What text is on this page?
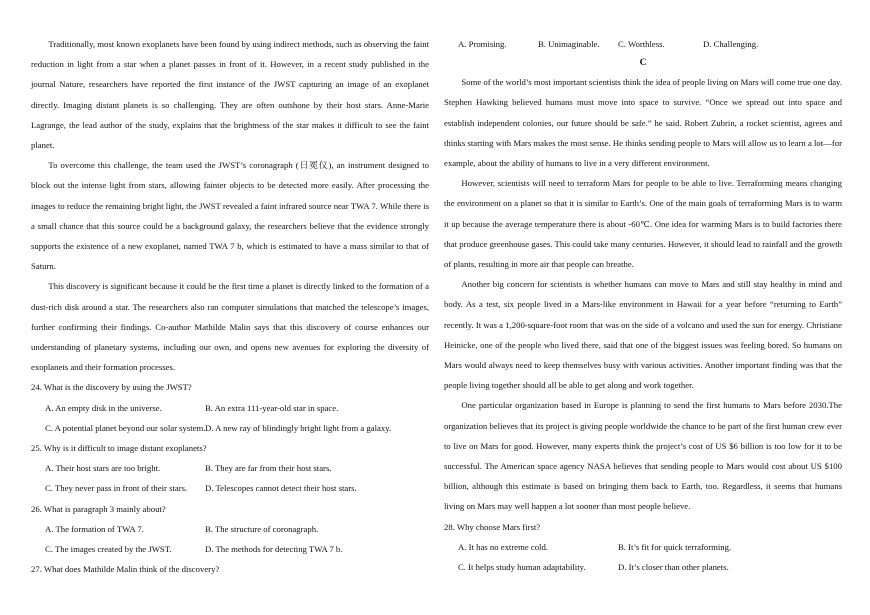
Traditionally, most known exoplanets have been found by using indirect methods, such as observing the faint reduction in light from a star when a planet passes in front of it. However, in a recent study published in the journal Nature, researchers have reported the first instance of the JWST capturing an image of an exoplanet directly. Imaging distant planets is so challenging. They are often outshone by their host stars. Anne-Marie Lagrange, the lead author of the study, explains that the brightness of the star makes it difficult to see the faint planet.

To overcome this challenge, the team used the JWST’s coronagraph (日冕仪), an instrument designed to block out the intense light from stars, allowing fainter objects to be detected more easily. After processing the images to reduce the remaining bright light, the JWST revealed a faint infrared source near TWA 7. While there is a small chance that this source could be a background galaxy, the researchers believe that the evidence strongly supports the existence of a new exoplanet, named TWA 7 b, which is estimated to have a mass similar to that of Saturn.

This discovery is significant because it could be the first time a planet is directly linked to the formation of a dust-rich disk around a star. The researchers also ran computer simulations that matched the telescope’s images, further confirming their findings. Co-author Mathilde Malin says that this discovery of course enhances our understanding of planetary systems, including our own, and opens new avenues for exploring the diversity of exoplanets and their formation processes.

24. What is the discovery by using the JWST?

A. An empty disk in the universe.	B. An extra 111-year-old star in space.
C. A potential planet beyond our solar system. D. A new ray of blindingly bright light from a galaxy.

25. Why is it difficult to image distant exoplanets?

A. Their host stars are too bright.	B. They are far from their host stars.
C. They never pass in front of their stars.	D. Telescopes cannot detect their host stars.

26. What is paragraph 3 mainly about?

A. The formation of TWA 7.	B. The structure of coronagraph.
C. The images created by the JWST.	D. The methods for detecting TWA 7 b.

27. What does Mathilde Malin think of the discovery?

A. Promising.	B. Unimaginable.	C. Worthless.	D. Challenging.

C

Some of the world’s most important scientists think the idea of people living on Mars will come true one day. Stephen Hawking believed humans must move into space to survive. “Once we spread out into space and establish independent colonies, our future should be safe.” he said. Robert Zubrin, a rocket scientist, agrees and thinks starting with Mars makes the most sense. He thinks sending people to Mars will allow us to learn a lot—for example, about the ability of humans to live in a very different environment.

However, scientists will need to terraform Mars for people to be able to live. Terraforming means changing the environment on a planet so that it is similar to Earth’s. One of the main goals of terraforming Mars is to warm it up because the average temperature there is about -60℃. One idea for warming Mars is to build factories there that produce greenhouse gases. This could take many centuries. However, it should lead to rainfall and the growth of plants, resulting in more air that people can breathe.

Another big concern for scientists is whether humans can move to Mars and still stay healthy in mind and body. As a test, six people lived in a Mars-like environment in Hawaii for a year before “returning to Earth” recently. It was a 1,200-square-foot room that was on the side of a volcano and used the sun for energy. Christiane Heinicke, one of the people who lived there, said that one of the biggest issues was feeling bored. So humans on Mars would always need to keep themselves busy with various activities. Another important finding was that the people living together should all be able to get along and work together.

One particular organization based in Europe is planning to send the first humans to Mars before 2030.The organization believes that its project is giving people worldwide the chance to be part of the first human crew ever to live on Mars for good. However, many experts think the project’s cost of US $6 billion is too low for it to be successful. The American space agency NASA believes that sending people to Mars would cost about US $100 billion, although this estimate is based on bringing them back to Earth, too. Regardless, it seems that humans living on Mars may well happen a lot sooner than most people believe.

28. Why choose Mars first?

A. It has no extreme cold.	B. It’s fit for quick terraforming.
C. It helps study human adaptability.	D. It’s closer than other planets.
